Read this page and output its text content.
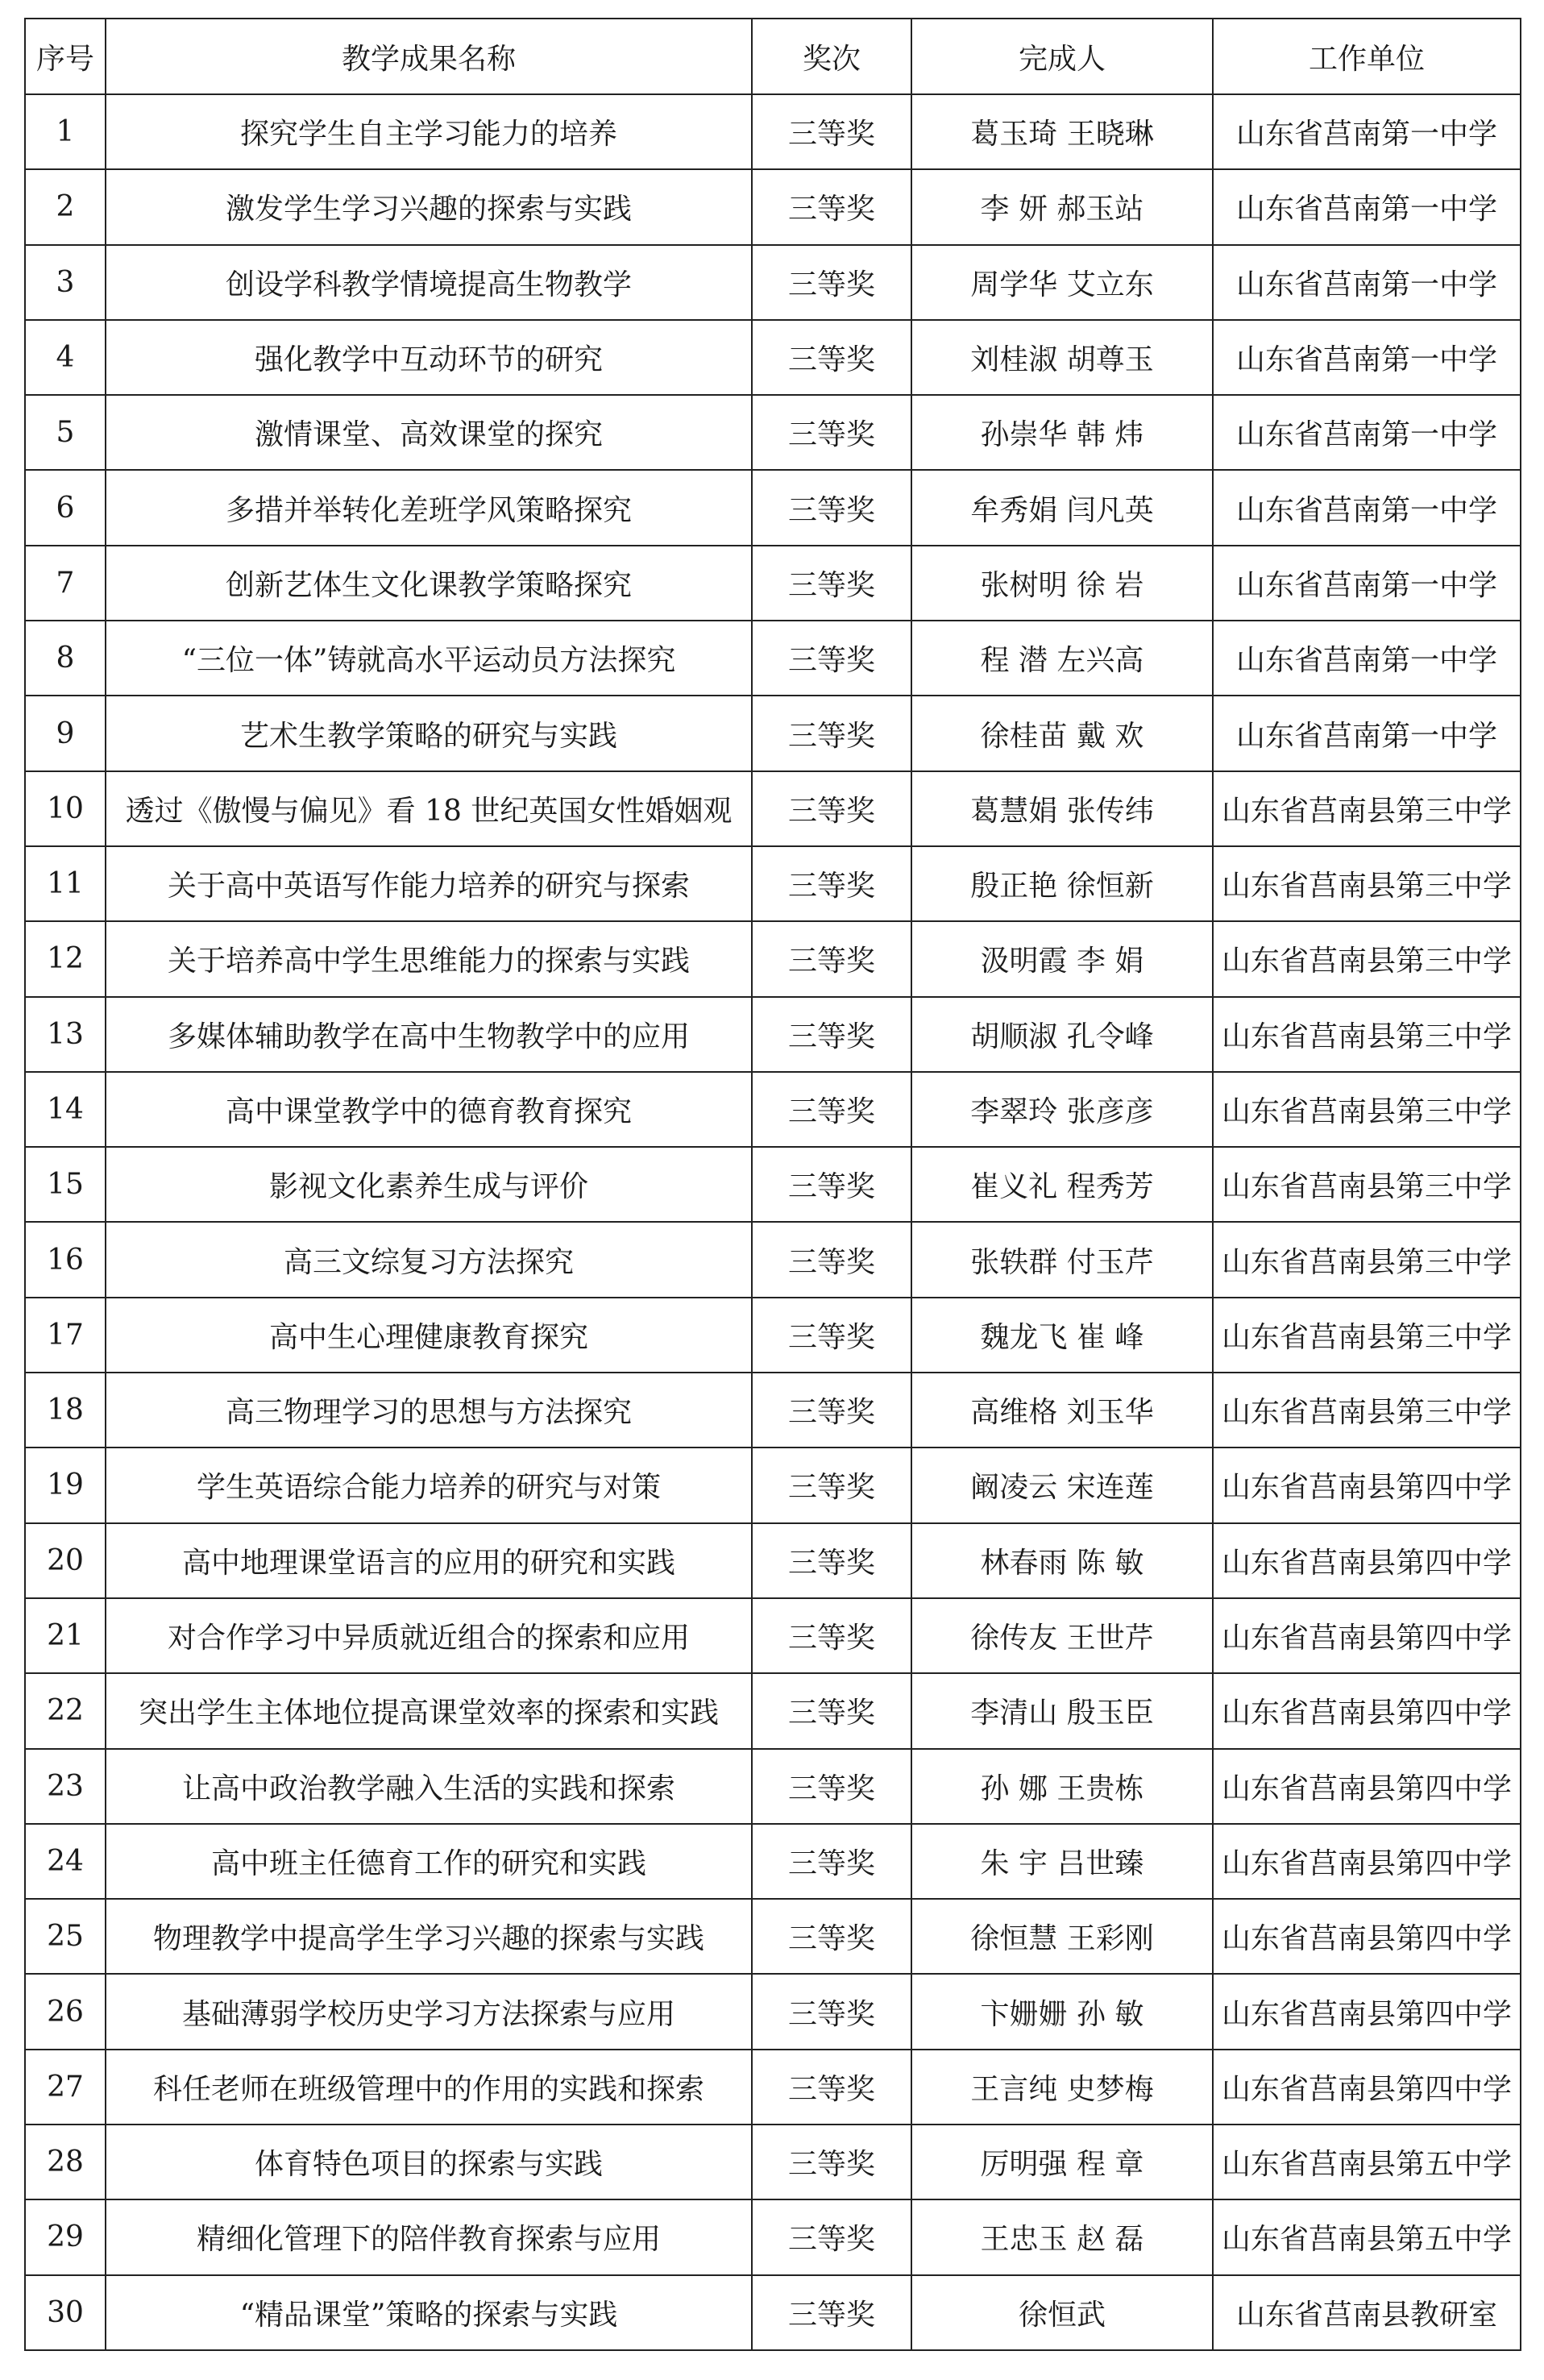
序号	教学成果名称	奖次	完成人	工作单位
1	探究学生自主学习能力的培养	三等奖	葛玉琦 王晓琳	山东省莒南第一中学
2	激发学生学习兴趣的探索与实践	三等奖	李 妍 郝玉站	山东省莒南第一中学
3	创设学科教学情境提高生物教学	三等奖	周学华 艾立东	山东省莒南第一中学
4	强化教学中互动环节的研究	三等奖	刘桂淑 胡尊玉	山东省莒南第一中学
5	激情课堂、高效课堂的探究	三等奖	孙崇华 韩 炜	山东省莒南第一中学
6	多措并举转化差班学风策略探究	三等奖	牟秀娟 闫凡英	山东省莒南第一中学
7	创新艺体生文化课教学策略探究	三等奖	张树明 徐 岩	山东省莒南第一中学
8	“三位一体”铸就高水平运动员方法探究	三等奖	程 潜 左兴高	山东省莒南第一中学
9	艺术生教学策略的研究与实践	三等奖	徐桂苗 戴 欢	山东省莒南第一中学
10	透过《傲慢与偏见》看 18 世纪英国女性婚姻观	三等奖	葛慧娟 张传纬	山东省莒南县第三中学
11	关于高中英语写作能力培养的研究与探索	三等奖	殷正艳 徐恒新	山东省莒南县第三中学
12	关于培养高中学生思维能力的探索与实践	三等奖	汲明霞 李 娟	山东省莒南县第三中学
13	多媒体辅助教学在高中生物教学中的应用	三等奖	胡顺淑 孔令峰	山东省莒南县第三中学
14	高中课堂教学中的德育教育探究	三等奖	李翠玲 张彦彦	山东省莒南县第三中学
15	影视文化素养生成与评价	三等奖	崔义礼 程秀芳	山东省莒南县第三中学
16	高三文综复习方法探究	三等奖	张轶群 付玉芹	山东省莒南县第三中学
17	高中生心理健康教育探究	三等奖	魏龙飞 崔 峰	山东省莒南县第三中学
18	高三物理学习的思想与方法探究	三等奖	高维格 刘玉华	山东省莒南县第三中学
19	学生英语综合能力培养的研究与对策	三等奖	阚凌云 宋连莲	山东省莒南县第四中学
20	高中地理课堂语言的应用的研究和实践	三等奖	林春雨 陈 敏	山东省莒南县第四中学
21	对合作学习中异质就近组合的探索和应用	三等奖	徐传友 王世芹	山东省莒南县第四中学
22	突出学生主体地位提高课堂效率的探索和实践	三等奖	李清山 殷玉臣	山东省莒南县第四中学
23	让高中政治教学融入生活的实践和探索	三等奖	孙 娜 王贵栋	山东省莒南县第四中学
24	高中班主任德育工作的研究和实践	三等奖	朱 宇 吕世臻	山东省莒南县第四中学
25	物理教学中提高学生学习兴趣的探索与实践	三等奖	徐恒慧 王彩刚	山东省莒南县第四中学
26	基础薄弱学校历史学习方法探索与应用	三等奖	卞姗姗 孙 敏	山东省莒南县第四中学
27	科任老师在班级管理中的作用的实践和探索	三等奖	王言纯 史梦梅	山东省莒南县第四中学
28	体育特色项目的探索与实践	三等奖	厉明强 程 章	山东省莒南县第五中学
29	精细化管理下的陪伴教育探索与应用	三等奖	王忠玉 赵 磊	山东省莒南县第五中学
30	“精品课堂”策略的探索与实践	三等奖	徐恒武	山东省莒南县教研室
